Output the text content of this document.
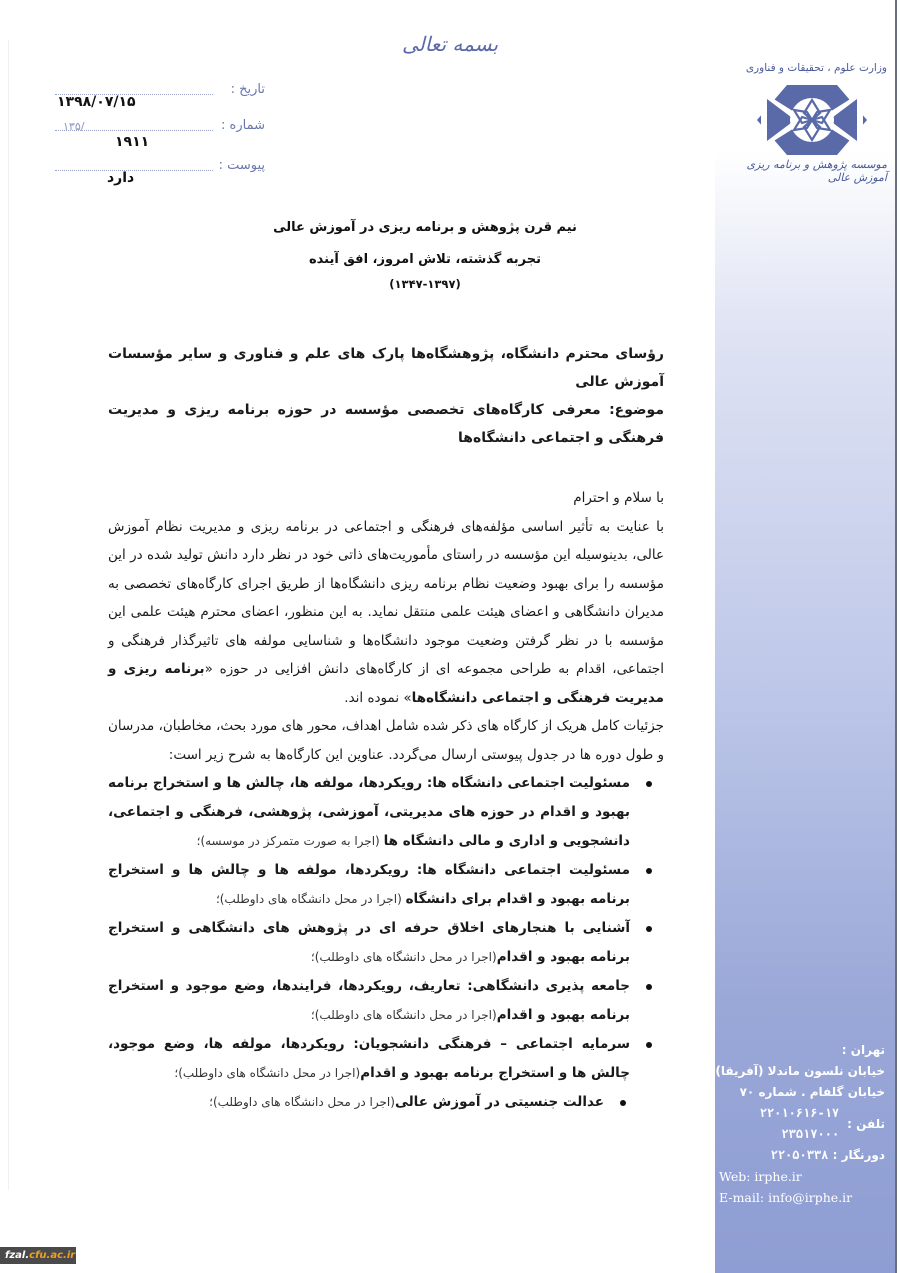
وزارت علوم ، تحقیقات و فناوری
موسسه پژوهش و برنامه ریزی آموزش عالی
تهران :
خیابان نلسون ماندلا (آفریقا)
خیابان گلفام . شماره ۷۰
تلفن :
۲۲۰۱۰۶۱۶-۱۷
۲۳۵۱۷۰۰۰
دورنگار : ۲۲۰۵۰۳۳۸
Web: irphe.ir
E-mail: info@irphe.ir
بسمه تعالی
تاریخ :
۱۳۹۸/۰۷/۱۵
شماره :
۱۳۵/
۱۹۱۱
پیوست :
دارد
نیم قرن پژوهش و برنامه ریزی در آموزش عالی
تجربه گذشته، تلاش امروز، افق آینده
(۱۳۴۷-۱۳۹۷)
رؤسای محترم دانشگاه، پژوهشگاه‌ها پارک های علم و فناوری و سایر مؤسسات آموزش عالی
موضوع: معرفی کارگاه‌های تخصصی مؤسسه در حوزه برنامه ریزی و مدیریت فرهنگی و اجتماعی دانشگاه‌ها
با سلام و احترام

با عنایت به تأثیر اساسی مؤلفه‌های فرهنگی و اجتماعی در برنامه ریزی و مدیریت نظام آموزش عالی، بدینوسیله این مؤسسه در راستای مأموریت‌های ذاتی خود در نظر دارد دانش تولید شده در این مؤسسه را برای بهبود وضعیت نظام برنامه ریزی دانشگاه‌ها از طریق اجرای کارگاه‌های تخصصی به مدیران دانشگاهی و اعضای هیئت علمی منتقل نماید. به این منظور، اعضای محترم هیئت علمی این مؤسسه با در نظر گرفتن وضعیت موجود دانشگاه‌ها و شناسایی مولفه های تاثیرگذار فرهنگی و اجتماعی، اقدام به طراحی مجموعه ای از کارگاه‌های دانش افزایی در حوزه «برنامه ریزی و مدیریت فرهنگی و اجتماعی دانشگاه‌ها» نموده اند.

جزئیات کامل هریک از کارگاه های ذکر شده شامل اهداف، محور های مورد بحث، مخاطبان، مدرسان و طول دوره ها در جدول پیوستی ارسال می‌گردد. عناوین این کارگاه‌ها به شرح زیر است:

مسئولیت اجتماعی دانشگاه ها: رویکردها، مولفه ها، چالش ها و استخراج برنامه بهبود و اقدام در حوزه های مدیریتی، آموزشی، پژوهشی، فرهنگی و اجتماعی، دانشجویی و اداری و مالی دانشگاه ها (اجرا به صورت متمرکز در موسسه)؛
مسئولیت اجتماعی دانشگاه ها: رویکردها، مولفه ها و چالش ها و استخراج برنامه بهبود و اقدام برای دانشگاه (اجرا در محل دانشگاه های داوطلب)؛
آشنایی با هنجارهای اخلاق حرفه ای در پژوهش های دانشگاهی و استخراج برنامه بهبود و اقدام(اجرا در محل دانشگاه های داوطلب)؛
جامعه پذیری دانشگاهی: تعاریف، رویکردها، فرایندها، وضع موجود و استخراج برنامه بهبود و اقدام(اجرا در محل دانشگاه های داوطلب)؛
سرمایه اجتماعی – فرهنگی دانشجویان: رویکردها، مولفه ها، وضع موجود، چالش ها و استخراج برنامه بهبود و اقدام(اجرا در محل دانشگاه های داوطلب)؛
عدالت جنسیتی در آموزش عالی(اجرا در محل دانشگاه های داوطلب)؛
fzal.cfu.ac.ir
